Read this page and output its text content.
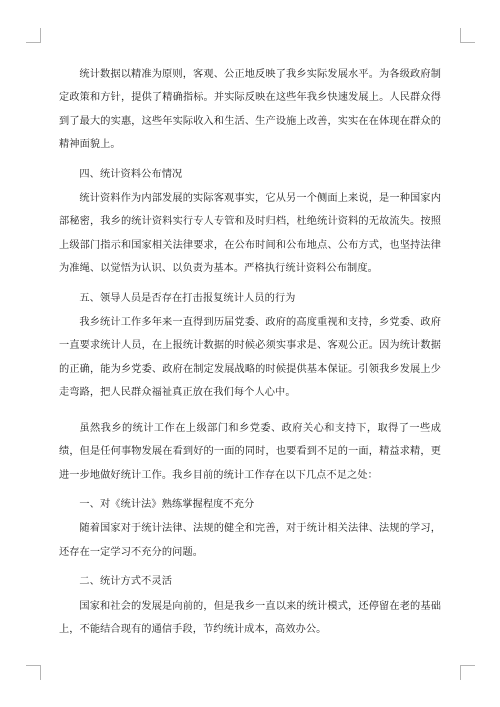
统计数据以精准为原则，客观、公正地反映了我乡实际发展水平。为各级政府制定政策和方针，提供了精确指标。并实际反映在这些年我乡快速发展上。人民群众得到了最大的实惠，这些年实际收入和生活、生产设施上改善，实实在在体现在群众的精神面貌上。

四、统计资料公布情况

统计资料作为内部发展的实际客观事实，它从另一个侧面上来说，是一种国家内部秘密，我乡的统计资料实行专人专管和及时归档，杜绝统计资料的无故流失。按照上级部门指示和国家相关法律要求，在公布时间和公布地点、公布方式，也坚持法律为准绳、以觉悟为认识、以负责为基本。严格执行统计资料公布制度。

五、领导人员是否存在打击报复统计人员的行为

我乡统计工作多年来一直得到历届党委、政府的高度重视和支持，乡党委、政府一直要求统计人员，在上报统计数据的时候必须实事求是、客观公正。因为统计数据的正确，能为乡党委、政府在制定发展战略的时候提供基本保证。引领我乡发展上少走弯路，把人民群众福祉真正放在我们每个人心中。

虽然我乡的统计工作在上级部门和乡党委、政府关心和支持下，取得了一些成绩，但是任何事物发展在看到好的一面的同时，也要看到不足的一面，精益求精，更进一步地做好统计工作。我乡目前的统计工作存在以下几点不足之处：

一、对《统计法》熟练掌握程度不充分

随着国家对于统计法律、法规的健全和完善，对于统计相关法律、法规的学习，还存在一定学习不充分的问题。

二、统计方式不灵活

国家和社会的发展是向前的，但是我乡一直以来的统计模式，还停留在老的基础上，不能结合现有的通信手段，节约统计成本，高效办公。
